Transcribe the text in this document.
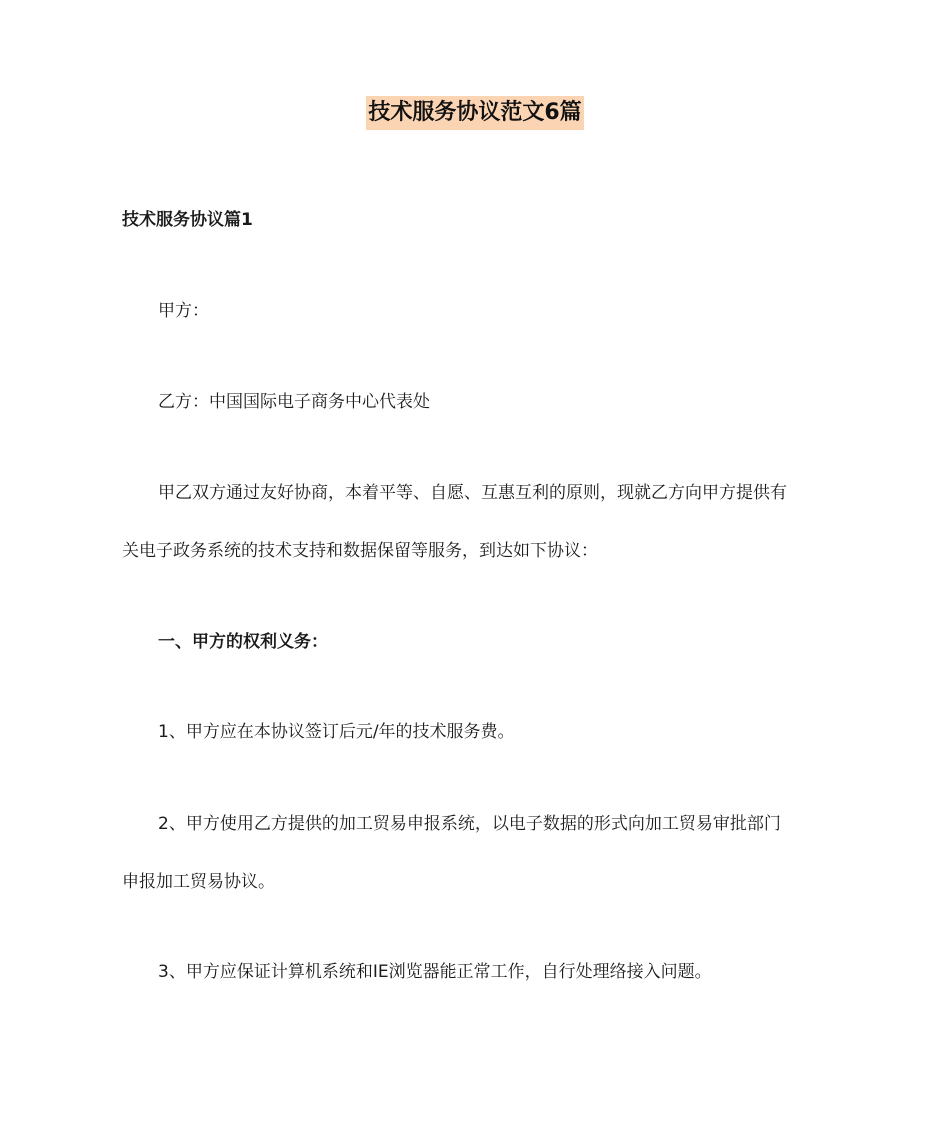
技术服务协议范文6篇
技术服务协议篇1
甲方：
乙方：中国国际电子商务中心代表处
甲乙双方通过友好协商，本着平等、自愿、互惠互利的原则，现就乙方向甲方提供有
关电子政务系统的技术支持和数据保留等服务，到达如下协议：
一、甲方的权利义务：
1、甲方应在本协议签订后元/年的技术服务费。
2、甲方使用乙方提供的加工贸易申报系统，以电子数据的形式向加工贸易审批部门
申报加工贸易协议。
3、甲方应保证计算机系统和IE浏览器能正常工作，自行处理络接入问题。
